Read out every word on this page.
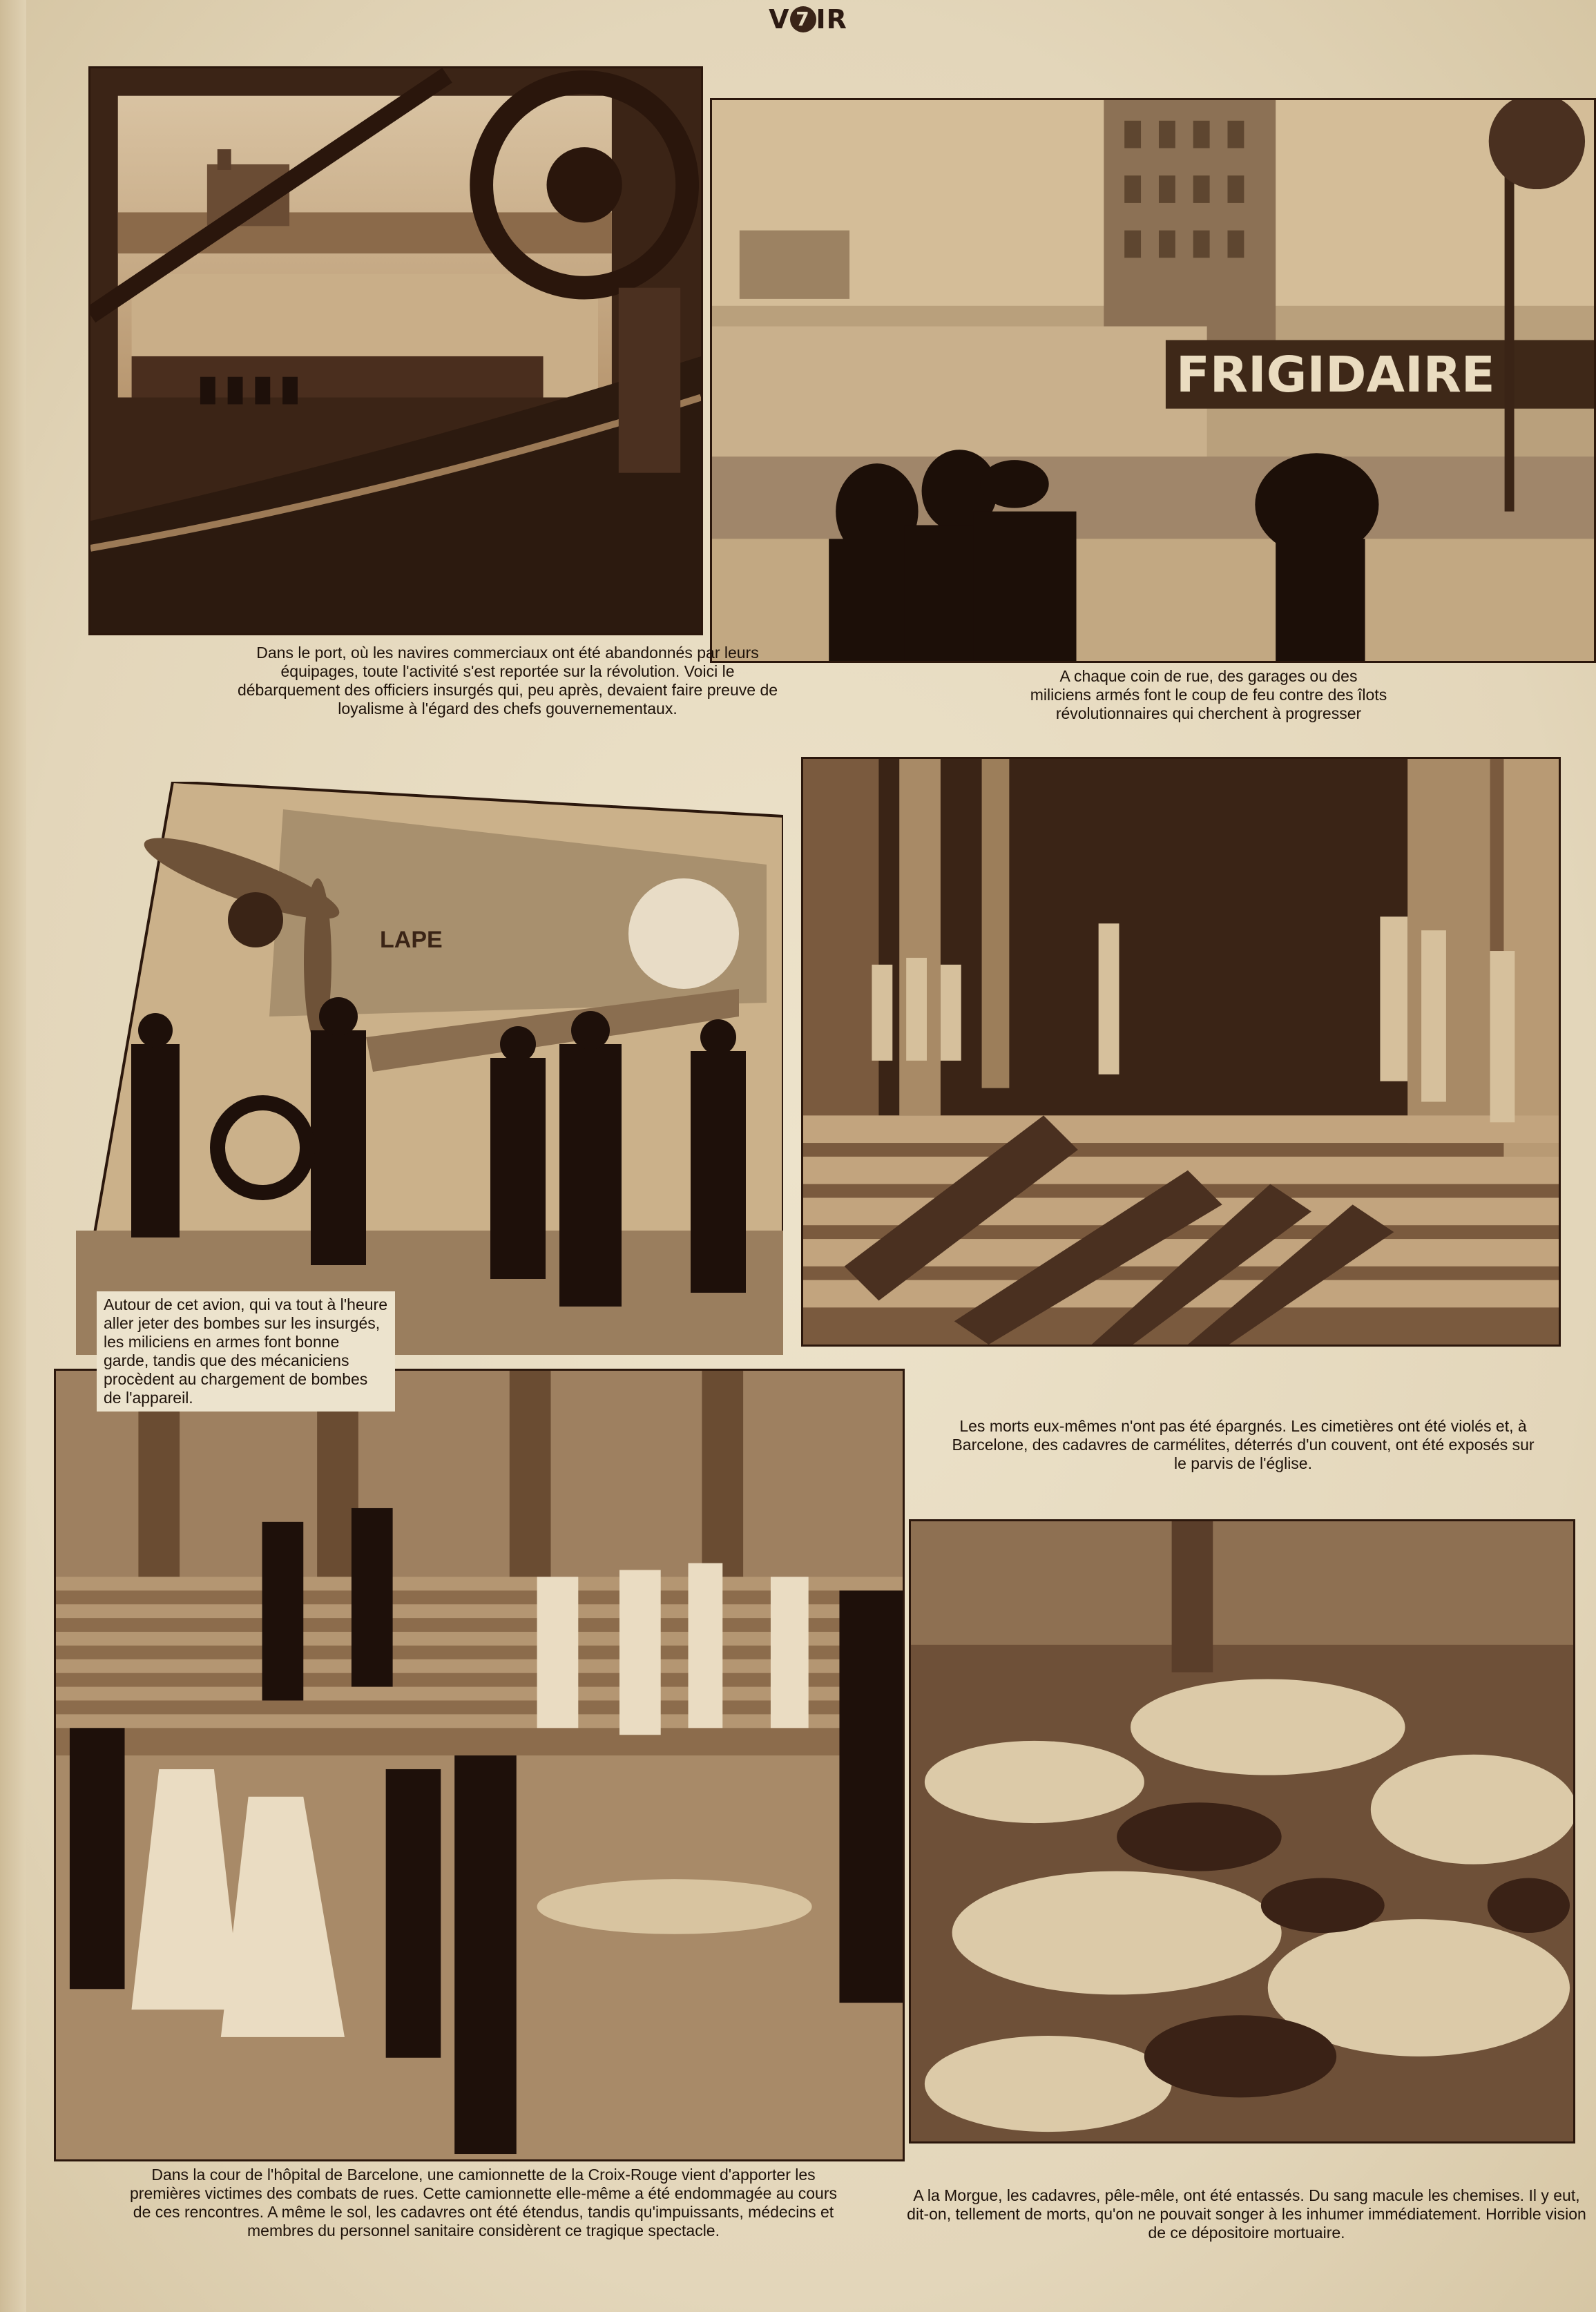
V 7 IR
FRIGIDAIRE
LAPE
Dans le port, où les navires commerciaux ont été abandonnés par leurs équipages, toute l'activité s'est reportée sur la révolution. Voici le débarquement des officiers insurgés qui, peu après, devaient faire preuve de loyalisme à l'égard des chefs gouvernementaux.
A chaque coin de rue, des garages ou des miliciens armés font le coup de feu contre des îlots révolutionnaires qui cherchent à progresser
Autour de cet avion, qui va tout à l'heure aller jeter des bombes sur les insurgés, les miliciens en armes font bonne garde, tandis que des mécaniciens procèdent au chargement de bombes de l'appareil.
Les morts eux-mêmes n'ont pas été épargnés. Les cimetières ont été violés et, à Barcelone, des cadavres de carmélites, déterrés d'un couvent, ont été exposés sur le parvis de l'église.
Dans la cour de l'hôpital de Barcelone, une camionnette de la Croix-Rouge vient d'apporter les premières victimes des combats de rues. Cette camionnette elle-même a été endommagée au cours de ces rencontres. A même le sol, les cadavres ont été étendus, tandis qu'impuissants, médecins et membres du personnel sanitaire considèrent ce tragique spectacle.
A la Morgue, les cadavres, pêle-mêle, ont été entassés. Du sang macule les chemises. Il y eut, dit-on, tellement de morts, qu'on ne pouvait songer à les inhumer immédiatement. Horrible vision de ce dépositoire mortuaire.
